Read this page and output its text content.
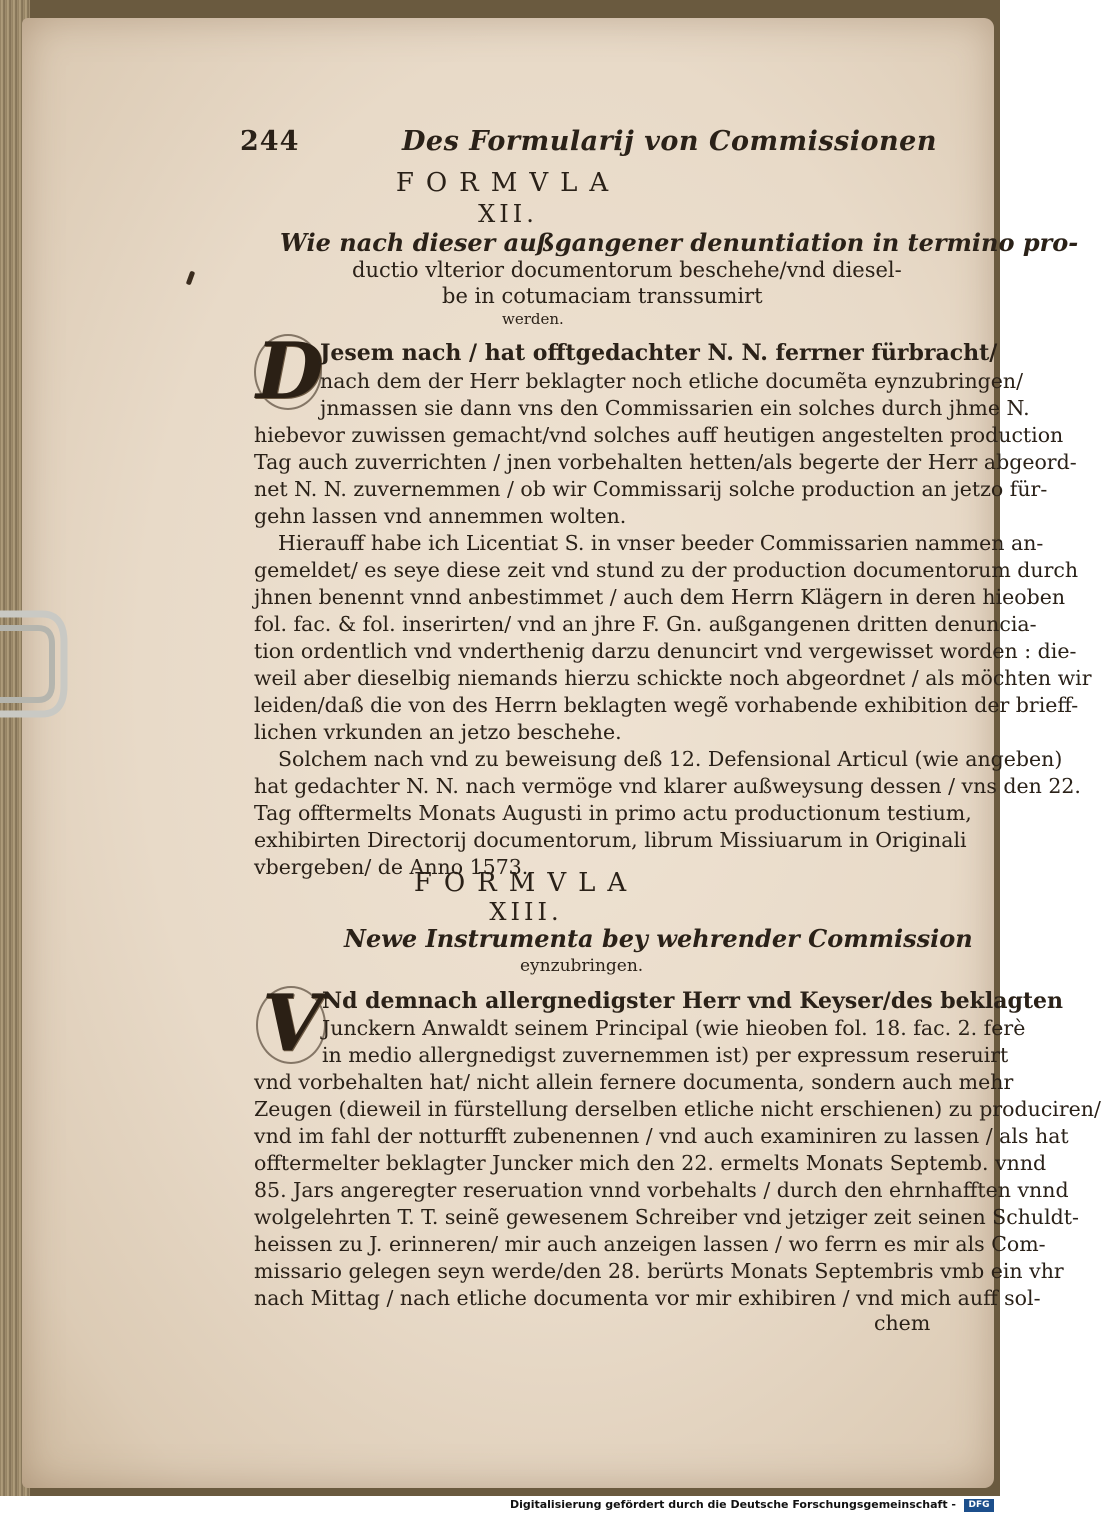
244	Des Formularij von Commissionen
FORMVLA
XII.
Wie nach dieser außgangener denuntiation in termino pro-
ductio vlterior documentorum beschehe/vnd diesel-
be in cotumaciam transsumirt
werden.
D
Jesem nach / hat offtgedachter N. N. ferrner fürbracht/
nach dem der Herr beklagter noch etliche documẽta eynzubringen/
jnmassen sie dann vns den Commissarien ein solches durch jhme N.
hiebevor zuwissen gemacht/vnd solches auff heutigen angestelten production
Tag auch zuverrichten / jnen vorbehalten hetten/als begerte der Herr abgeord-
net N. N. zuvernemmen / ob wir Commissarij solche production an jetzo für-
gehn lassen vnd annemmen wolten.
Hierauff habe ich Licentiat S. in vnser beeder Commissarien nammen an-
gemeldet/ es seye diese zeit vnd stund zu der production documentorum durch
jhnen benennt vnnd anbestimmet / auch dem Herrn Klägern in deren hieoben
fol. fac. & fol. inserirten/ vnd an jhre F. Gn. außgangenen dritten denuncia-
tion ordentlich vnd vnderthenig darzu denuncirt vnd vergewisset worden : die-
weil aber dieselbig niemands hierzu schickte noch abgeordnet / als möchten wir
leiden/daß die von des Herrn beklagten wegẽ vorhabende exhibition der brieff-
lichen vrkunden an jetzo beschehe.
Solchem nach vnd zu beweisung deß 12. Defensional Articul (wie angeben)
hat gedachter N. N. nach vermöge vnd klarer außweysung dessen / vns den 22.
Tag offtermelts Monats Augusti in primo actu productionum testium,
exhibirten Directorij documentorum, librum Missiuarum in Originali
vbergeben/ de Anno 1573.
FORMVLA
XIII.
Newe Instrumenta bey wehrender Commission
eynzubringen.
V Nd demnach allergnedigster Herr vnd Keyser/des beklagten
Junckern Anwaldt seinem Principal (wie hieoben fol. 18. fac. 2. ferè
in medio allergnedigst zuvernemmen ist) per expressum reseruirt
vnd vorbehalten hat/ nicht allein fernere documenta, sondern auch mehr
Zeugen (dieweil in fürstellung derselben etliche nicht erschienen) zu produciren/
vnd im fahl der notturfft zubenennen / vnd auch examiniren zu lassen / als hat
offtermelter beklagter Juncker mich den 22. ermelts Monats Septemb. vnnd
85. Jars angeregter reseruation vnnd vorbehalts / durch den ehrnhafften vnnd
wolgelehrten T. T. seinẽ gewesenem Schreiber vnd jetziger zeit seinen Schuldt-
heissen zu J. erinneren/ mir auch anzeigen lassen / wo ferrn es mir als Com-
missario gelegen seyn werde/den 28. berürts Monats Septembris vmb ein vhr
nach Mittag / nach etliche documenta vor mir exhibiren / vnd mich auff sol-
chem
Digitalisierung gefördert durch die Deutsche Forschungsgemeinschaft -	DFG
